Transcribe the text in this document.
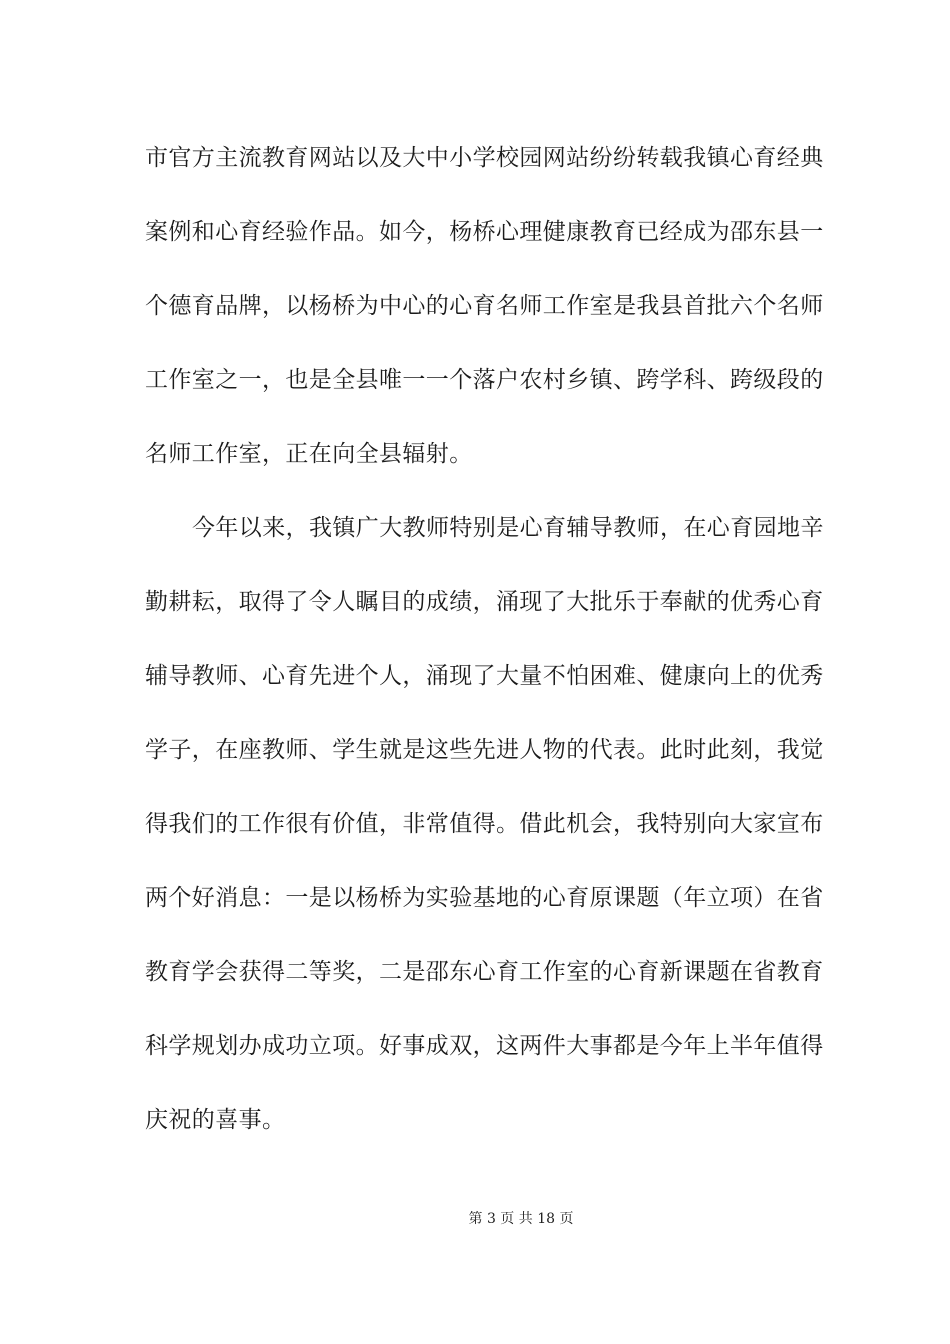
市官方主流教育网站以及大中小学校园网站纷纷转载我镇心育经典
案例和心育经验作品。如今，杨桥心理健康教育已经成为邵东县一
个德育品牌，以杨桥为中心的心育名师工作室是我县首批六个名师
工作室之一，也是全县唯一一个落户农村乡镇、跨学科、跨级段的
名师工作室，正在向全县辐射。
今年以来，我镇广大教师特别是心育辅导教师，在心育园地辛
勤耕耘，取得了令人瞩目的成绩，涌现了大批乐于奉献的优秀心育
辅导教师、心育先进个人，涌现了大量不怕困难、健康向上的优秀
学子，在座教师、学生就是这些先进人物的代表。此时此刻，我觉
得我们的工作很有价值，非常值得。借此机会，我特别向大家宣布
两个好消息：一是以杨桥为实验基地的心育原课题（年立项）在省
教育学会获得二等奖，二是邵东心育工作室的心育新课题在省教育
科学规划办成功立项。好事成双，这两件大事都是今年上半年值得
庆祝的喜事。
第 3 页 共 18 页
